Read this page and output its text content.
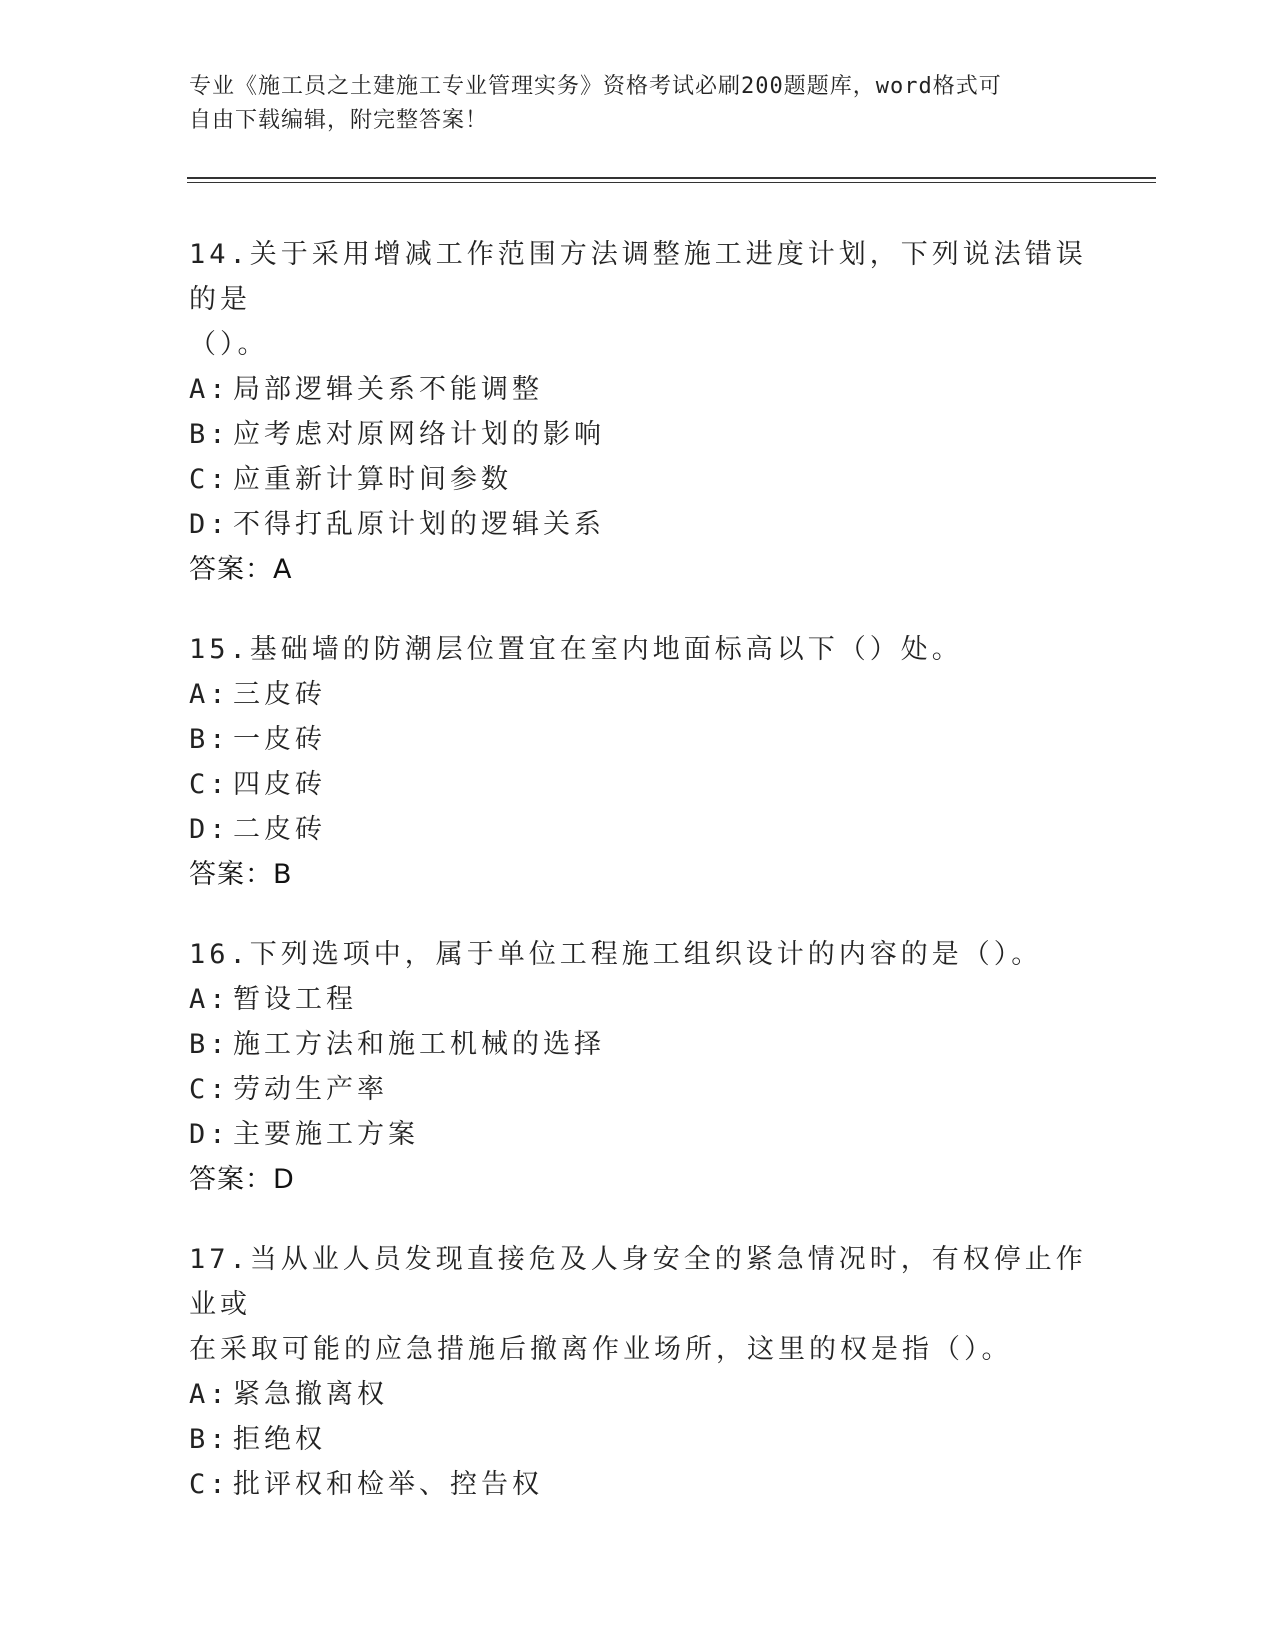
专业《施工员之土建施工专业管理实务》资格考试必刷200题题库，word格式可
自由下载编辑，附完整答案！
14.关于采用增减工作范围方法调整施工进度计划，下列说法错误的是
（）。
A: 局部逻辑关系不能调整
B: 应考虑对原网络计划的影响
C: 应重新计算时间参数
D: 不得打乱原计划的逻辑关系
答案：A
15.基础墙的防潮层位置宜在室内地面标高以下（）处。
A: 三皮砖
B: 一皮砖
C: 四皮砖
D: 二皮砖
答案：B
16.下列选项中，属于单位工程施工组织设计的内容的是（）。
A: 暂设工程
B: 施工方法和施工机械的选择
C: 劳动生产率
D: 主要施工方案
答案：D
17.当从业人员发现直接危及人身安全的紧急情况时，有权停止作业或
在采取可能的应急措施后撤离作业场所，这里的权是指（）。
A: 紧急撤离权
B: 拒绝权
C: 批评权和检举、控告权
